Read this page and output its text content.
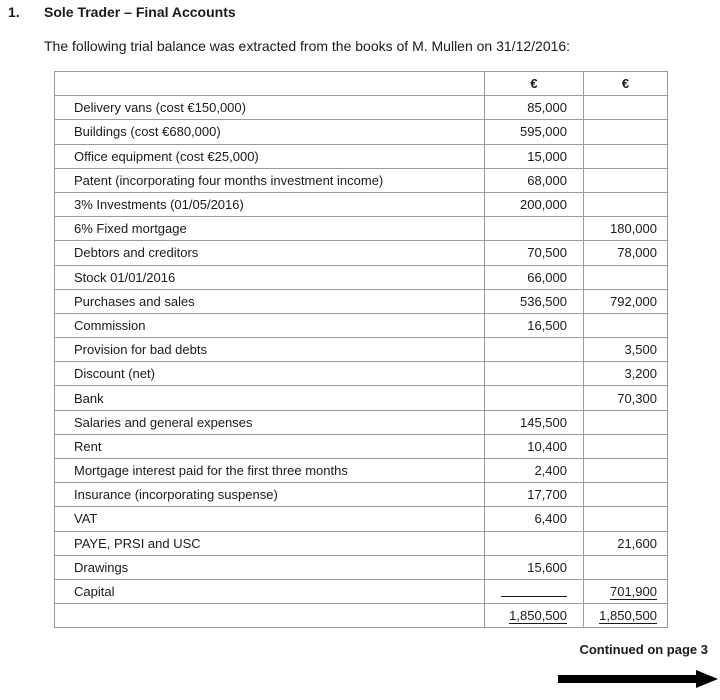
1. Sole Trader – Final Accounts
The following trial balance was extracted from the books of M. Mullen on 31/12/2016:
	€	€
Delivery vans (cost €150,000)	85,000	
Buildings (cost €680,000)	595,000	
Office equipment (cost €25,000)	15,000	
Patent (incorporating four months investment income)	68,000	
3% Investments (01/05/2016)	200,000	
6% Fixed mortgage		180,000
Debtors and creditors	70,500	78,000
Stock 01/01/2016	66,000	
Purchases and sales	536,500	792,000
Commission	16,500	
Provision for bad debts		3,500
Discount (net)		3,200
Bank		70,300
Salaries and general expenses	145,500	
Rent	10,400	
Mortgage interest paid for the first three months	2,400	
Insurance (incorporating suspense)	17,700	
VAT	6,400	
PAYE, PRSI and USC		21,600
Drawings	15,600	
Capital		701,900
	1,850,500	1,850,500
Continued on page 3
